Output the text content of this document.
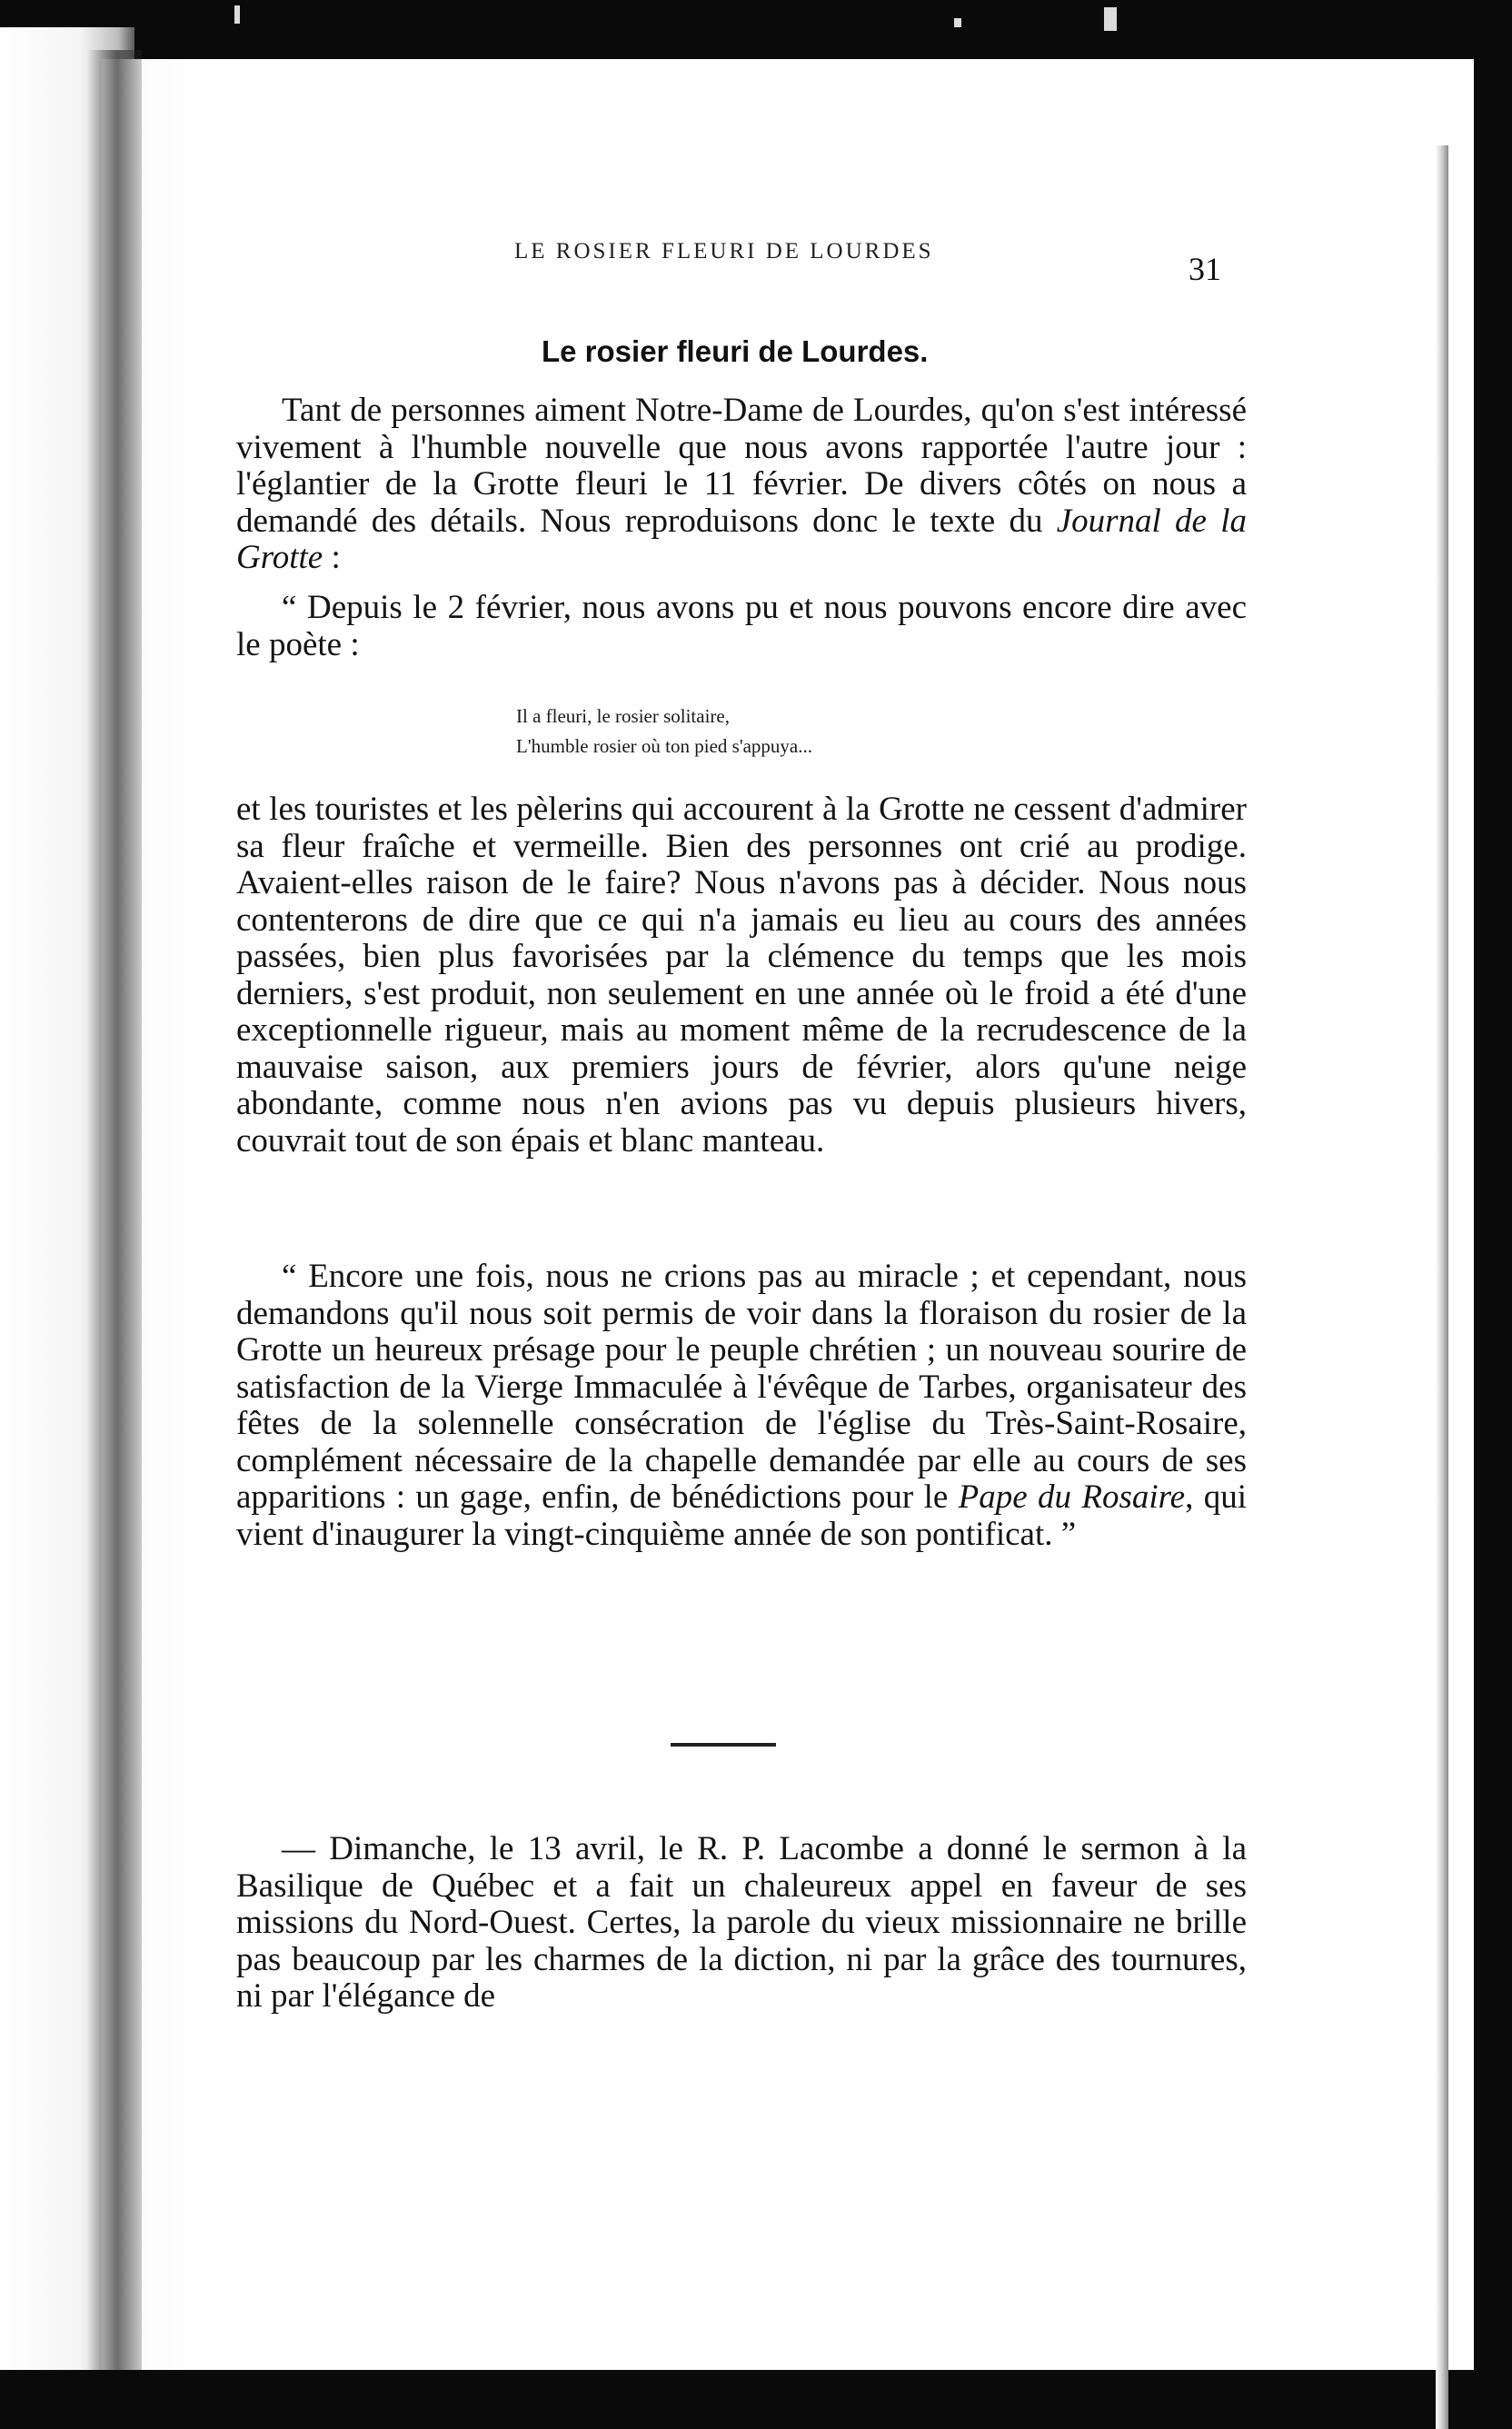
LE ROSIER FLEURI DE LOURDES	31
Le rosier fleuri de Lourdes.

Tant de personnes aiment Notre-Dame de Lourdes, qu'on s'est intéressé vivement à l'humble nouvelle que nous avons rapportée l'autre jour : l'églantier de la Grotte fleuri le 11 février. De divers côtés on nous a demandé des détails. Nous reproduisons donc le texte du Journal de la Grotte :

“ Depuis le 2 février, nous avons pu et nous pouvons encore dire avec le poète :

Il a fleuri, le rosier solitaire,
L'humble rosier où ton pied s'appuya...

et les touristes et les pèlerins qui accourent à la Grotte ne cessent d'admirer sa fleur fraîche et vermeille. Bien des personnes ont crié au prodige. Avaient-elles raison de le faire? Nous n'avons pas à décider. Nous nous contenterons de dire que ce qui n'a jamais eu lieu au cours des années passées, bien plus favorisées par la clémence du temps que les mois derniers, s'est produit, non seulement en une année où le froid a été d'une exceptionnelle rigueur, mais au moment même de la recrudescence de la mauvaise saison, aux premiers jours de février, alors qu'une neige abondante, comme nous n'en avions pas vu depuis plusieurs hivers, couvrait tout de son épais et blanc manteau.

“ Encore une fois, nous ne crions pas au miracle ; et cependant, nous demandons qu'il nous soit permis de voir dans la floraison du rosier de la Grotte un heureux présage pour le peuple chrétien ; un nouveau sourire de satisfaction de la Vierge Immaculée à l'évêque de Tarbes, organisateur des fêtes de la solennelle consécration de l'église du Très-Saint-Rosaire, complément nécessaire de la chapelle demandée par elle au cours de ses apparitions : un gage, enfin, de bénédictions pour le Pape du Rosaire, qui vient d'inaugurer la vingt-cinquième année de son pontificat. ”

— Dimanche, le 13 avril, le R. P. Lacombe a donné le sermon à la Basilique de Québec et a fait un chaleureux appel en faveur de ses missions du Nord-Ouest. Certes, la parole du vieux missionnaire ne brille pas beaucoup par les charmes de la diction, ni par la grâce des tournures, ni par l'élégance de
